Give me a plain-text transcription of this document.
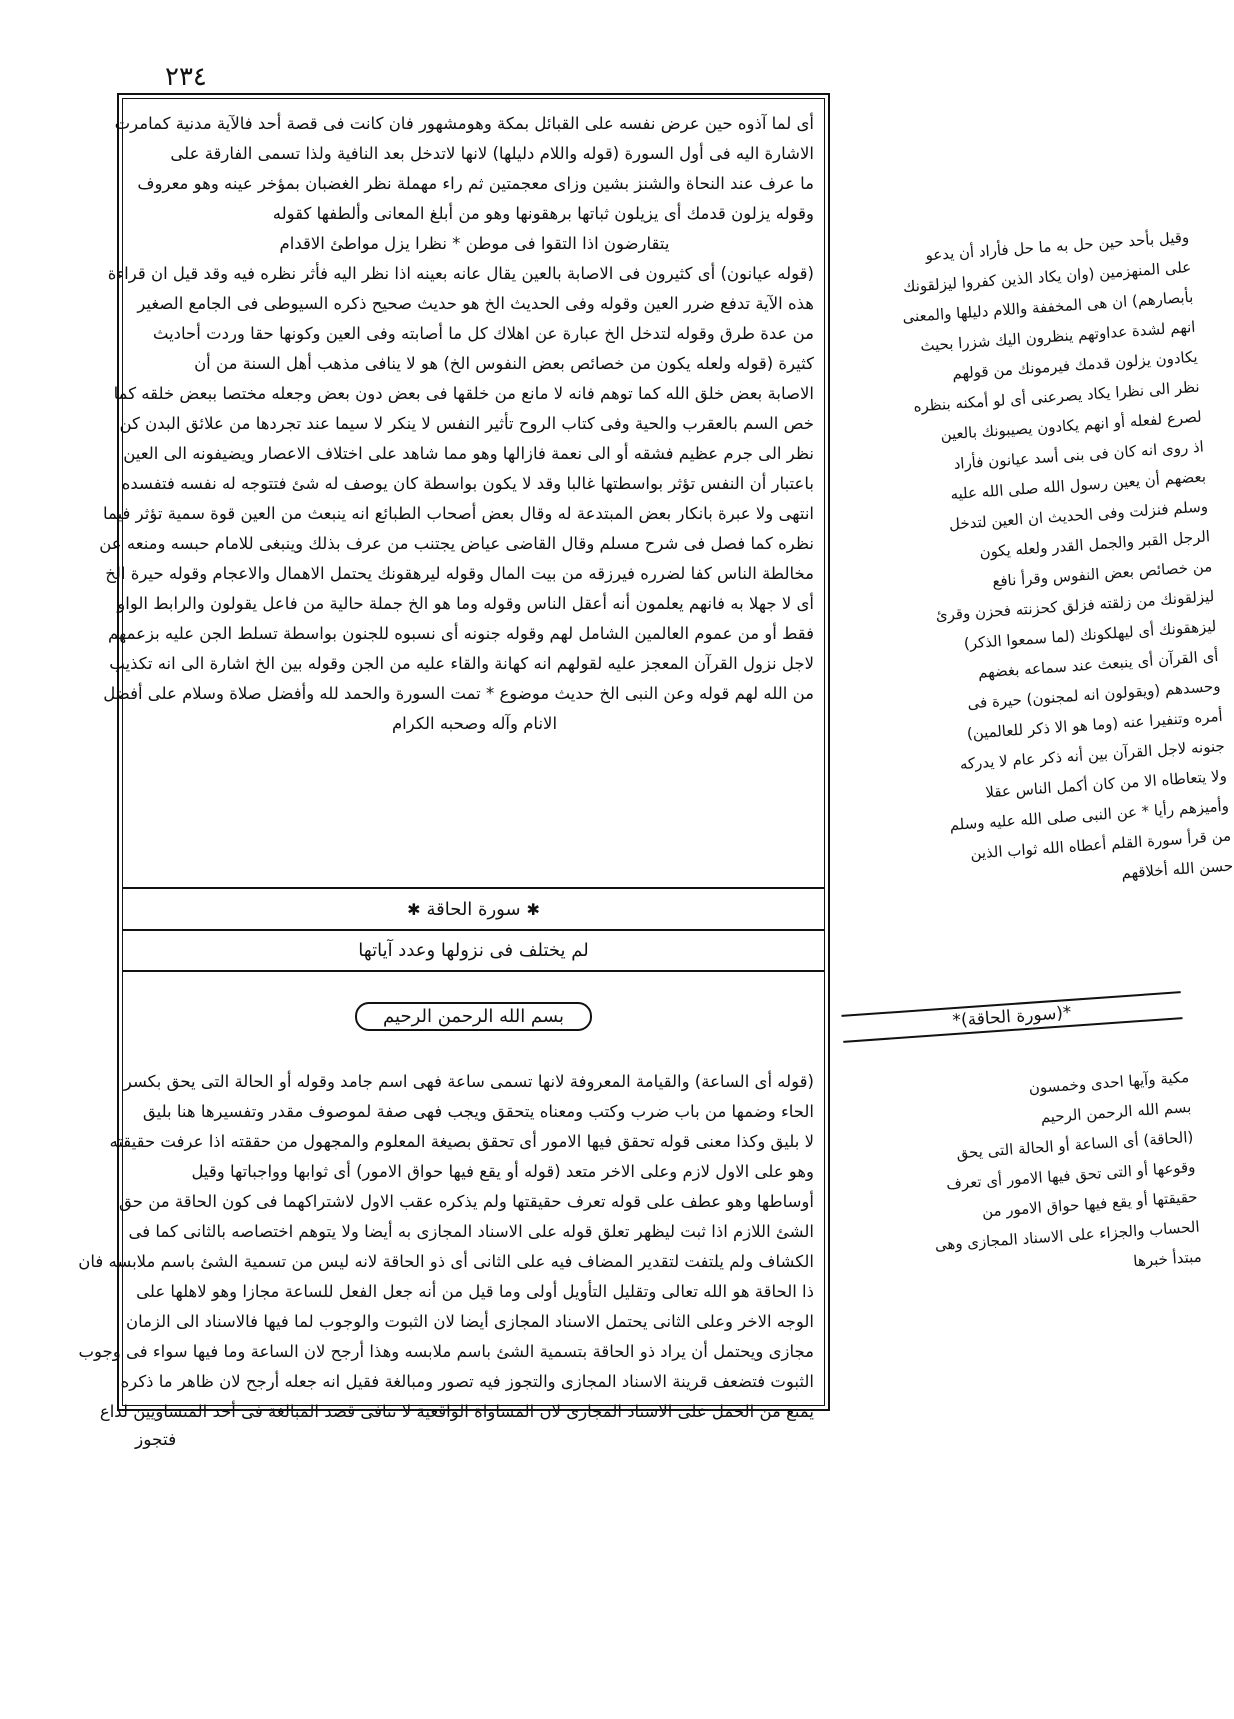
٢٣٤

أى لما آذوه حين عرض نفسه على القبائل بمكة وهومشهور فان كانت فى قصة أحد فالآية مدنية كمامرت

الاشارة اليه فى أول السورة (قوله واللام دليلها) لانها لاتدخل بعد النافية ولذا تسمى الفارقة على

ما عرف عند النحاة والشنز بشين وزاى معجمتين ثم راء مهملة نظر الغضبان بمؤخر عينه وهو معروف

وقوله يزلون قدمك أى يزيلون ثباتها برهقونها وهو من أبلغ المعانى وألطفها كقوله

يتقارضون اذا التقوا فى موطن * نظرا يزل مواطئ الاقدام

(قوله عيانون) أى كثيرون فى الاصابة بالعين يقال عانه بعينه اذا نظر اليه فأثر نظره فيه وقد قيل ان قراءة

هذه الآية تدفع ضرر العين وقوله وفى الحديث الخ هو حديث صحيح ذكره السيوطى فى الجامع الصغير

من عدة طرق وقوله لتدخل الخ عبارة عن اهلاك كل ما أصابته وفى العين وكونها حقا وردت أحاديث

كثيرة (قوله ولعله يكون من خصائص بعض النفوس الخ) هو لا ينافى مذهب أهل السنة من أن

الاصابة بعض خلق الله كما توهم فانه لا مانع من خلقها فى بعض دون بعض وجعله مختصا ببعض خلقه كما

خص السم بالعقرب والحية وفى كتاب الروح تأثير النفس لا ينكر لا سيما عند تجردها من علائق البدن كن

نظر الى جرم عظيم فشقه أو الى نعمة فازالها وهو مما شاهد على اختلاف الاعصار ويضيفونه الى العين

باعتبار أن النفس تؤثر بواسطتها غالبا وقد لا يكون بواسطة كان يوصف له شئ فتتوجه له نفسه فتفسده

انتهى ولا عبرة بانكار بعض المبتدعة له وقال بعض أصحاب الطبائع انه ينبعث من العين قوة سمية تؤثر فيما

نظره كما فصل فى شرح مسلم وقال القاضى عياض يجتنب من عرف بذلك وينبغى للامام حبسه ومنعه عن

مخالطة الناس كفا لضرره فيرزقه من بيت المال وقوله ليرهقونك يحتمل الاهمال والاعجام وقوله حيرة الخ

أى لا جهلا به فانهم يعلمون أنه أعقل الناس وقوله وما هو الخ جملة حالية من فاعل يقولون والرابط الواو

فقط أو من عموم العالمين الشامل لهم وقوله جنونه أى نسبوه للجنون بواسطة تسلط الجن عليه بزعمهم

لاجل نزول القرآن المعجز عليه لقولهم انه كهانة والقاء عليه من الجن وقوله بين الخ اشارة الى انه تكذيب

من الله لهم قوله وعن النبى الخ حديث موضوع * تمت السورة والحمد لله وأفضل صلاة وسلام على أفضل

الانام وآله وصحبه الكرام

✱
سورة الحاقة
✱
لم يختلف فى نزولها وعدد آياتها
بسم الله الرحمن الرحيم

(قوله أى الساعة) والقيامة المعروفة لانها تسمى ساعة فهى اسم جامد وقوله أو الحالة التى يحق بكسر

الحاء وضمها من باب ضرب وكتب ومعناه يتحقق ويجب فهى صفة لموصوف مقدر وتفسيرها هنا بليق

لا بليق وكذا معنى قوله تحقق فيها الامور أى تحقق بصيغة المعلوم والمجهول من حققته اذا عرفت حقيقته

وهو على الاول لازم وعلى الاخر متعد (قوله أو يقع فيها حواق الامور) أى ثوابها وواجباتها وقيل

أوساطها وهو عطف على قوله تعرف حقيقتها ولم يذكره عقب الاول لاشتراكهما فى كون الحاقة من حق

الشئ اللازم اذا ثبت ليظهر تعلق قوله على الاسناد المجازى به أيضا ولا يتوهم اختصاصه بالثانى كما فى

الكشاف ولم يلتفت لتقدير المضاف فيه على الثانى أى ذو الحاقة لانه ليس من تسمية الشئ باسم ملابسه فان

ذا الحاقة هو الله تعالى وتقليل التأويل أولى وما قيل من أنه جعل الفعل للساعة مجازا وهو لاهلها على

الوجه الاخر وعلى الثانى يحتمل الاسناد المجازى أيضا لان الثبوت والوجوب لما فيها فالاسناد الى الزمان

مجازى ويحتمل أن يراد ذو الحاقة بتسمية الشئ باسم ملابسه وهذا أرجح لان الساعة وما فيها سواء فى وجوب

الثبوت فتضعف قرينة الاسناد المجازى والتجوز فيه تصور ومبالغة فقيل انه جعله أرجح لان ظاهر ما ذكره

يمنع من الحمل على الاسناد المجازى لان المساواة الواقعية لا تنافى قصد المبالغة فى أحد المتساويين لداع

وقيل بأحد حين حل به ما حل فأراد أن يدعو

على المنهزمين (وان يكاد الذين كفروا ليزلقونك

بأبصارهم) ان هى المخففة واللام دليلها والمعنى

انهم لشدة عداوتهم ينظرون اليك شزرا بحيث

يكادون يزلون قدمك فيرمونك من قولهم

نظر الى نظرا يكاد يصرعنى أى لو أمكنه بنظره

لصرع لفعله أو انهم يكادون يصيبونك بالعين

اذ روى انه كان فى بنى أسد عيانون فأراد

بعضهم أن يعين رسول الله صلى الله عليه

وسلم فنزلت وفى الحديث ان العين لتدخل

الرجل القبر والجمل القدر ولعله يكون

من خصائص بعض النفوس وقرأ نافع

ليزلقونك من زلقته فزلق كحزنته فحزن وقرئ

ليزهقونك أى ليهلكونك (لما سمعوا الذكر)

أى القرآن أى ينبعث عند سماعه بغضهم

وحسدهم (ويقولون انه لمجنون) حيرة فى

أمره وتنفيرا عنه (وما هو الا ذكر للعالمين)

جنونه لاجل القرآن بين أنه ذكر عام لا يدركه

ولا يتعاطاه الا من كان أكمل الناس عقلا

وأميزهم رأيا * عن النبى صلى الله عليه وسلم

من قرأ سورة القلم أعطاه الله ثواب الذين

حسن الله أخلاقهم

*(سورة الحاقة)*

مكية وآيها احدى وخمسون

بسم الله الرحمن الرحيم

(الحاقة) أى الساعة أو الحالة التى يحق

وقوعها أو التى تحق فيها الامور أى تعرف

حقيقتها أو يقع فيها حواق الامور من

الحساب والجزاء على الاسناد المجازى وهى

مبتدأ خبرها

فتجوز
